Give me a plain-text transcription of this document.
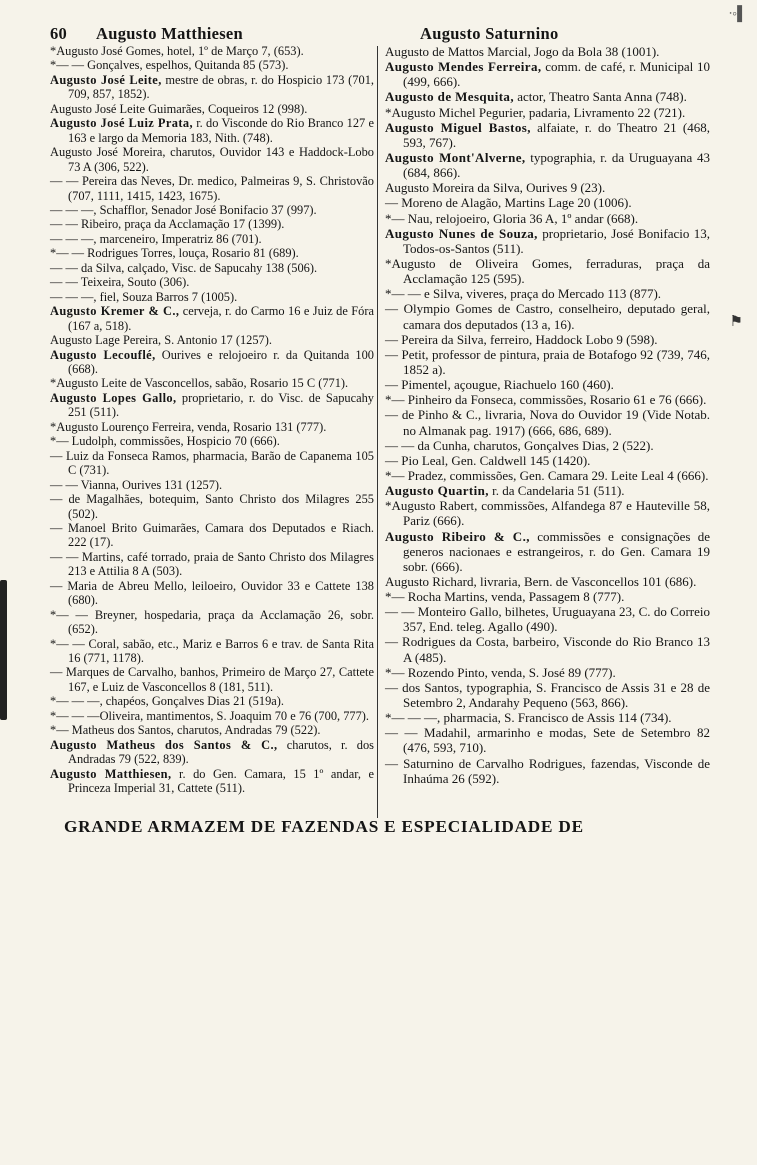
60 Augusto Matthiesen	Augusto Saturnino

*Augusto José Gomes, hotel, 1º de Março 7, (653).

*— — Gonçalves, espelhos, Quitanda 85 (573).

Augusto José Leite, mestre de obras, r. do Hospicio 173 (701, 709, 857, 1852).

Augusto José Leite Guimarães, Coqueiros 12 (998).

Augusto José Luiz Prata, r. do Visconde do Rio Branco 127 e 163 e largo da Memoria 183, Nith. (748).

Augusto José Moreira, charutos, Ouvidor 143 e Haddock-Lobo 73 A (306, 522).

— — Pereira das Neves, Dr. medico, Palmeiras 9, S. Christovão (707, 1111, 1415, 1423, 1675).

— — —, Schafflor, Senador José Bonifacio 37 (997).

— — Ribeiro, praça da Acclamação 17 (1399).

— — —, marceneiro, Imperatriz 86 (701).

*— — Rodrigues Torres, louça, Rosario 81 (689).

— — da Silva, calçado, Visc. de Sapucahy 138 (506).

— — Teixeira, Souto (306).

— — —, fiel, Souza Barros 7 (1005).

Augusto Kremer & C., cerveja, r. do Carmo 16 e Juiz de Fóra (167 a, 518).

Augusto Lage Pereira, S. Antonio 17 (1257).

Augusto Lecouflé, Ourives e relojoeiro r. da Quitanda 100 (668).

*Augusto Leite de Vasconcellos, sabão, Rosario 15 C (771).

Augusto Lopes Gallo, proprietario, r. do Visc. de Sapucahy 251 (511).

*Augusto Lourenço Ferreira, venda, Rosario 131 (777).

*— Ludolph, commissões, Hospicio 70 (666).

— Luiz da Fonseca Ramos, pharmacia, Barão de Capanema 105 C (731).

— — Vianna, Ourives 131 (1257).

— de Magalhães, botequim, Santo Christo dos Milagres 255 (502).

— Manoel Brito Guimarães, Camara dos Deputados e Riach. 222 (17).

— — Martins, café torrado, praia de Santo Christo dos Milagres 213 e Attilia 8 A (503).

— Maria de Abreu Mello, leiloeiro, Ouvidor 33 e Cattete 138 (680).

*— — Breyner, hospedaria, praça da Acclamação 26, sobr. (652).

*— — Coral, sabão, etc., Mariz e Barros 6 e trav. de Santa Rita 16 (771, 1178).

— Marques de Carvalho, banhos, Primeiro de Março 27, Cattete 167, e Luiz de Vasconcellos 8 (181, 511).

*— — —, chapéos, Gonçalves Dias 21 (519a).

*— — —Oliveira, mantimentos, S. Joaquim 70 e 76 (700, 777).

*— Matheus dos Santos, charutos, Andradas 79 (522).

Augusto Matheus dos Santos & C., charutos, r. dos Andradas 79 (522, 839).

Augusto Matthiesen, r. do Gen. Camara, 15 1º andar, e Princeza Imperial 31, Cattete (511).

Augusto de Mattos Marcial, Jogo da Bola 38 (1001).

Augusto Mendes Ferreira, comm. de café, r. Municipal 10 (499, 666).

Augusto de Mesquita, actor, Theatro Santa Anna (748).

*Augusto Michel Pegurier, padaria, Livramento 22 (721).

Augusto Miguel Bastos, alfaiate, r. do Theatro 21 (468, 593, 767).

Augusto Mont'Alverne, typographia, r. da Uruguayana 43 (684, 866).

Augusto Moreira da Silva, Ourives 9 (23).

— Moreno de Alagão, Martins Lage 20 (1006).

*— Nau, relojoeiro, Gloria 36 A, 1º andar (668).

Augusto Nunes de Souza, proprietario, José Bonifacio 13, Todos-os-Santos (511).

*Augusto de Oliveira Gomes, ferraduras, praça da Acclamação 125 (595).

*— — e Silva, viveres, praça do Mercado 113 (877).

— Olympio Gomes de Castro, conselheiro, deputado geral, camara dos deputados (13 a, 16).

— Pereira da Silva, ferreiro, Haddock Lobo 9 (598).

— Petit, professor de pintura, praia de Botafogo 92 (739, 746, 1852 a).

— Pimentel, açougue, Riachuelo 160 (460).

*— Pinheiro da Fonseca, commissões, Rosario 61 e 76 (666).

— de Pinho & C., livraria, Nova do Ouvidor 19 (Vide Notab. no Almanak pag. 1917) (666, 686, 689).

— — da Cunha, charutos, Gonçalves Dias, 2 (522).

— Pio Leal, Gen. Caldwell 145 (1420).

*— Pradez, commissões, Gen. Camara 29. Leite Leal 4 (666).

Augusto Quartin, r. da Candelaria 51 (511).

*Augusto Rabert, commissões, Alfandega 87 e Hauteville 58, Pariz (666).

Augusto Ribeiro & C., commissões e consignações de generos nacionaes e estrangeiros, r. do Gen. Camara 19 sobr. (666).

Augusto Richard, livraria, Bern. de Vasconcellos 101 (686).

*— Rocha Martins, venda, Passagem 8 (777).

— — Monteiro Gallo, bilhetes, Uruguayana 23, C. do Correio 357, End. teleg. Agallo (490).

— Rodrigues da Costa, barbeiro, Visconde do Rio Branco 13 A (485).

*— Rozendo Pinto, venda, S. José 89 (777).

— dos Santos, typographia, S. Francisco de Assis 31 e 28 de Setembro 2, Andarahy Pequeno (563, 866).

*— — —, pharmacia, S. Francisco de Assis 114 (734).

— — Madahil, armarinho e modas, Sete de Setembro 82 (476, 593, 710).

— Saturnino de Carvalho Rodrigues, fazendas, Visconde de Inhaúma 26 (592).

GRANDE ARMAZEM DE FAZENDAS E ESPECIALIDADE DE
ᐧ◦▌
⚑
